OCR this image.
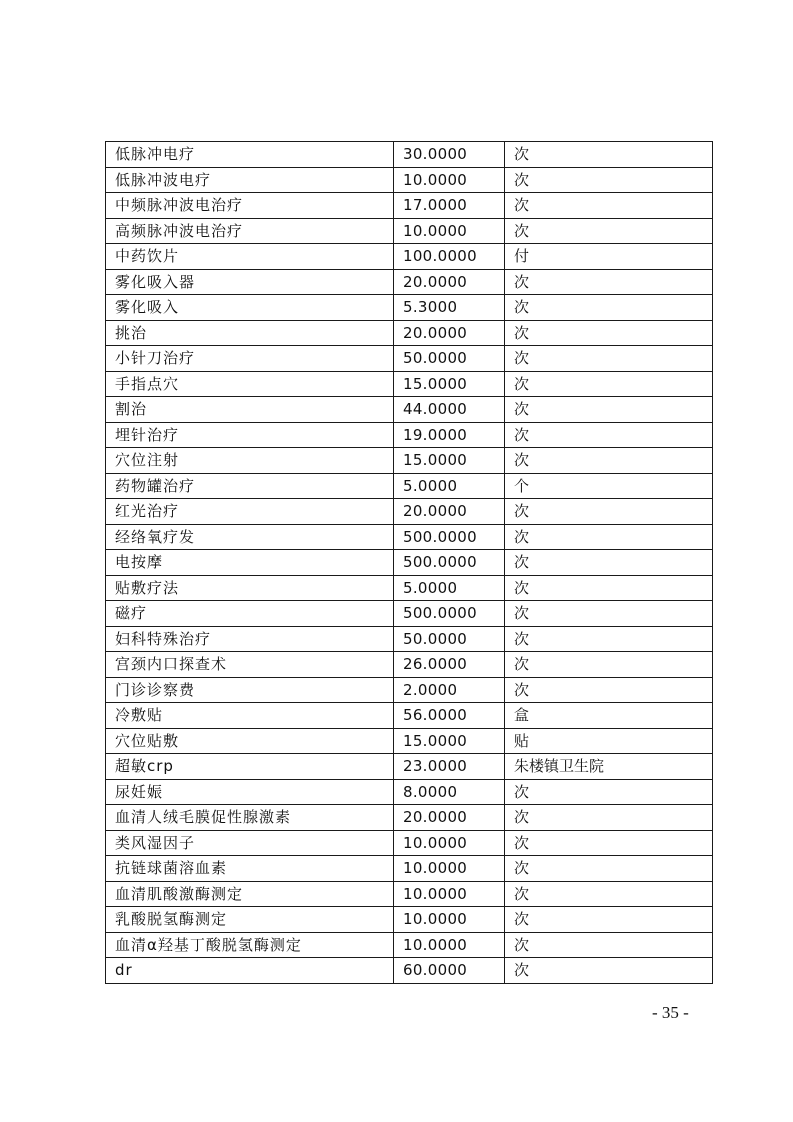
低脉冲电疗	30.0000	次
低脉冲波电疗	10.0000	次
中频脉冲波电治疗	17.0000	次
高频脉冲波电治疗	10.0000	次
中药饮片	100.0000	付
雾化吸入器	20.0000	次
雾化吸入	5.3000	次
挑治	20.0000	次
小针刀治疗	50.0000	次
手指点穴	15.0000	次
割治	44.0000	次
埋针治疗	19.0000	次
穴位注射	15.0000	次
药物罐治疗	5.0000	个
红光治疗	20.0000	次
经络氧疗发	500.0000	次
电按摩	500.0000	次
贴敷疗法	5.0000	次
磁疗	500.0000	次
妇科特殊治疗	50.0000	次
宫颈内口探查术	26.0000	次
门诊诊察费	2.0000	次
冷敷贴	56.0000	盒
穴位贴敷	15.0000	贴
超敏crp	23.0000	朱楼镇卫生院
尿妊娠	8.0000	次
血清人绒毛膜促性腺激素	20.0000	次
类风湿因子	10.0000	次
抗链球菌溶血素	10.0000	次
血清肌酸激酶测定	10.0000	次
乳酸脱氢酶测定	10.0000	次
血清α羟基丁酸脱氢酶测定	10.0000	次
dr	60.0000	次
- 35 -
